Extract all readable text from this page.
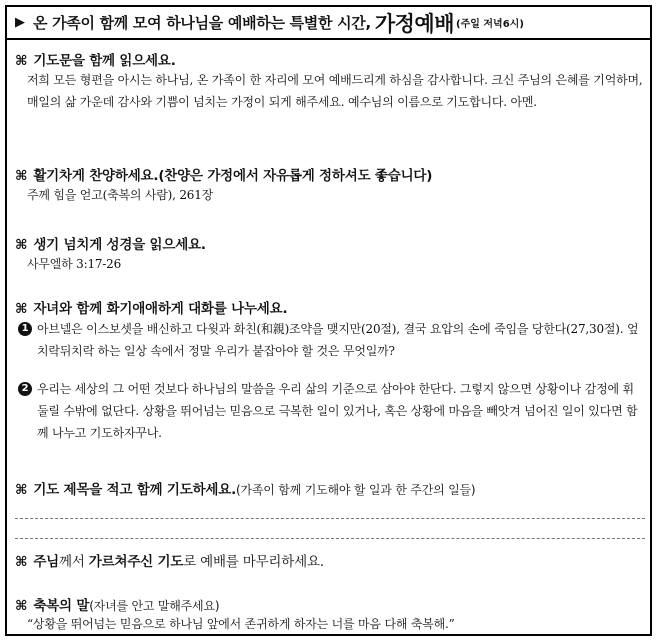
▶ 온 가족이 함께 모여 하나님을 예배하는 특별한 시간, 가정예배 (주일 저녁6시)
⌘ 기도문을 함께 읽으세요.
저희 모든 형편을 아시는 하나님, 온 가족이 한 자리에 모여 예배드리게 하심을 감사합니다. 크신 주님의 은혜를 기억하며, 매일의 삶 가운데 감사와 기쁨이 넘치는 가정이 되게 해주세요. 예수님의 이름으로 기도합니다. 아멘.
⌘ 활기차게 찬양하세요.(찬양은 가정에서 자유롭게 정하셔도 좋습니다)
주께 힘을 얻고(축복의 사람), 261장
⌘ 생기 넘치게 성경을 읽으세요.
사무엘하 3:17-26
⌘ 자녀와 함께 화기애애하게 대화를 나누세요.
1 아브넬은 이스보셋을 배신하고 다윗과 화친(和親)조약을 맺지만(20절), 결국 요압의 손에 죽임을 당한다(27,30절). 엎치락뒤치락 하는 일상 속에서 정말 우리가 붙잡아야 할 것은 무엇일까?
2 우리는 세상의 그 어떤 것보다 하나님의 말씀을 우리 삶의 기준으로 삼아야 한단다. 그렇지 않으면 상황이나 감정에 휘둘릴 수밖에 없단다. 상황을 뛰어넘는 믿음으로 극복한 일이 있거나, 혹은 상황에 마음을 빼앗겨 넘어진 일이 있다면 함께 나누고 기도하자꾸나.
⌘ 기도 제목을 적고 함께 기도하세요.(가족이 함께 기도해야 할 일과 한 주간의 일들)
⌘ 주님께서 가르쳐주신 기도로 예배를 마무리하세요.
⌘ 축복의 말(자녀를 안고 말해주세요)
“상황을 뛰어넘는 믿음으로 하나님 앞에서 존귀하게 하자는 너를 마음 다해 축복해.”
